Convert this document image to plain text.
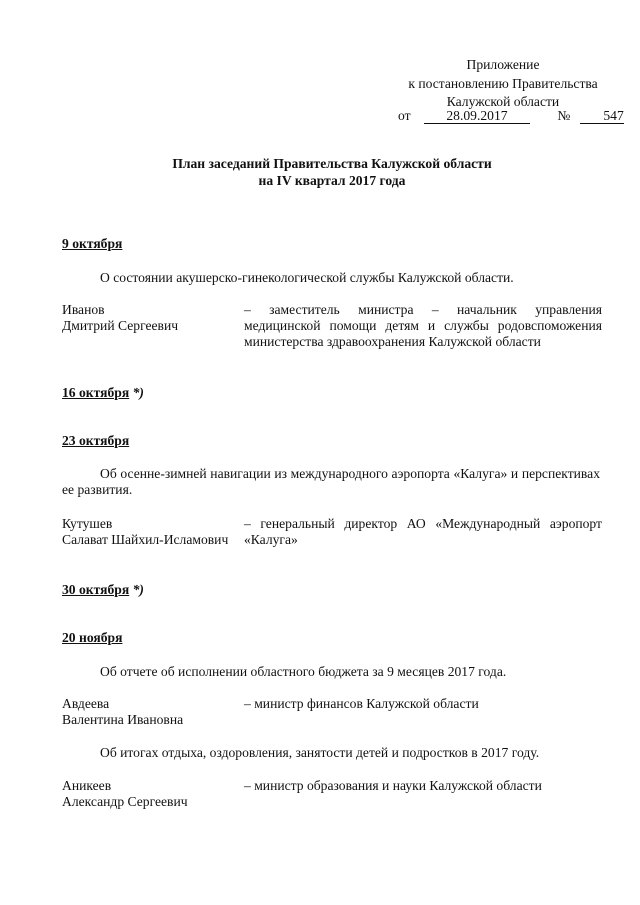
Приложение
к постановлению Правительства
Калужской области
от	28.09.2017	№ 547
План заседаний Правительства Калужской области
на IV квартал 2017 года
9 октября
О состоянии акушерско-гинекологической службы Калужской области.
Иванов
Дмитрий Сергеевич
– заместитель министра – начальник управления медицинской помощи детям и службы родовспоможения министерства здравоохранения Калужской области
16 октября *)
23 октября
Об осенне-зимней навигации из международного аэропорта «Калуга» и перспективах ее развития.
Кутушев
Салават Шайхил-Исламович
– генеральный директор АО «Международный аэропорт «Калуга»
30 октября *)
20 ноября
Об отчете об исполнении областного бюджета за 9 месяцев 2017 года.
Авдеева
Валентина Ивановна
– министр финансов Калужской области
Об итогах отдыха, оздоровления, занятости детей и подростков в 2017 году.
Аникеев
Александр Сергеевич
– министр образования и науки Калужской области
